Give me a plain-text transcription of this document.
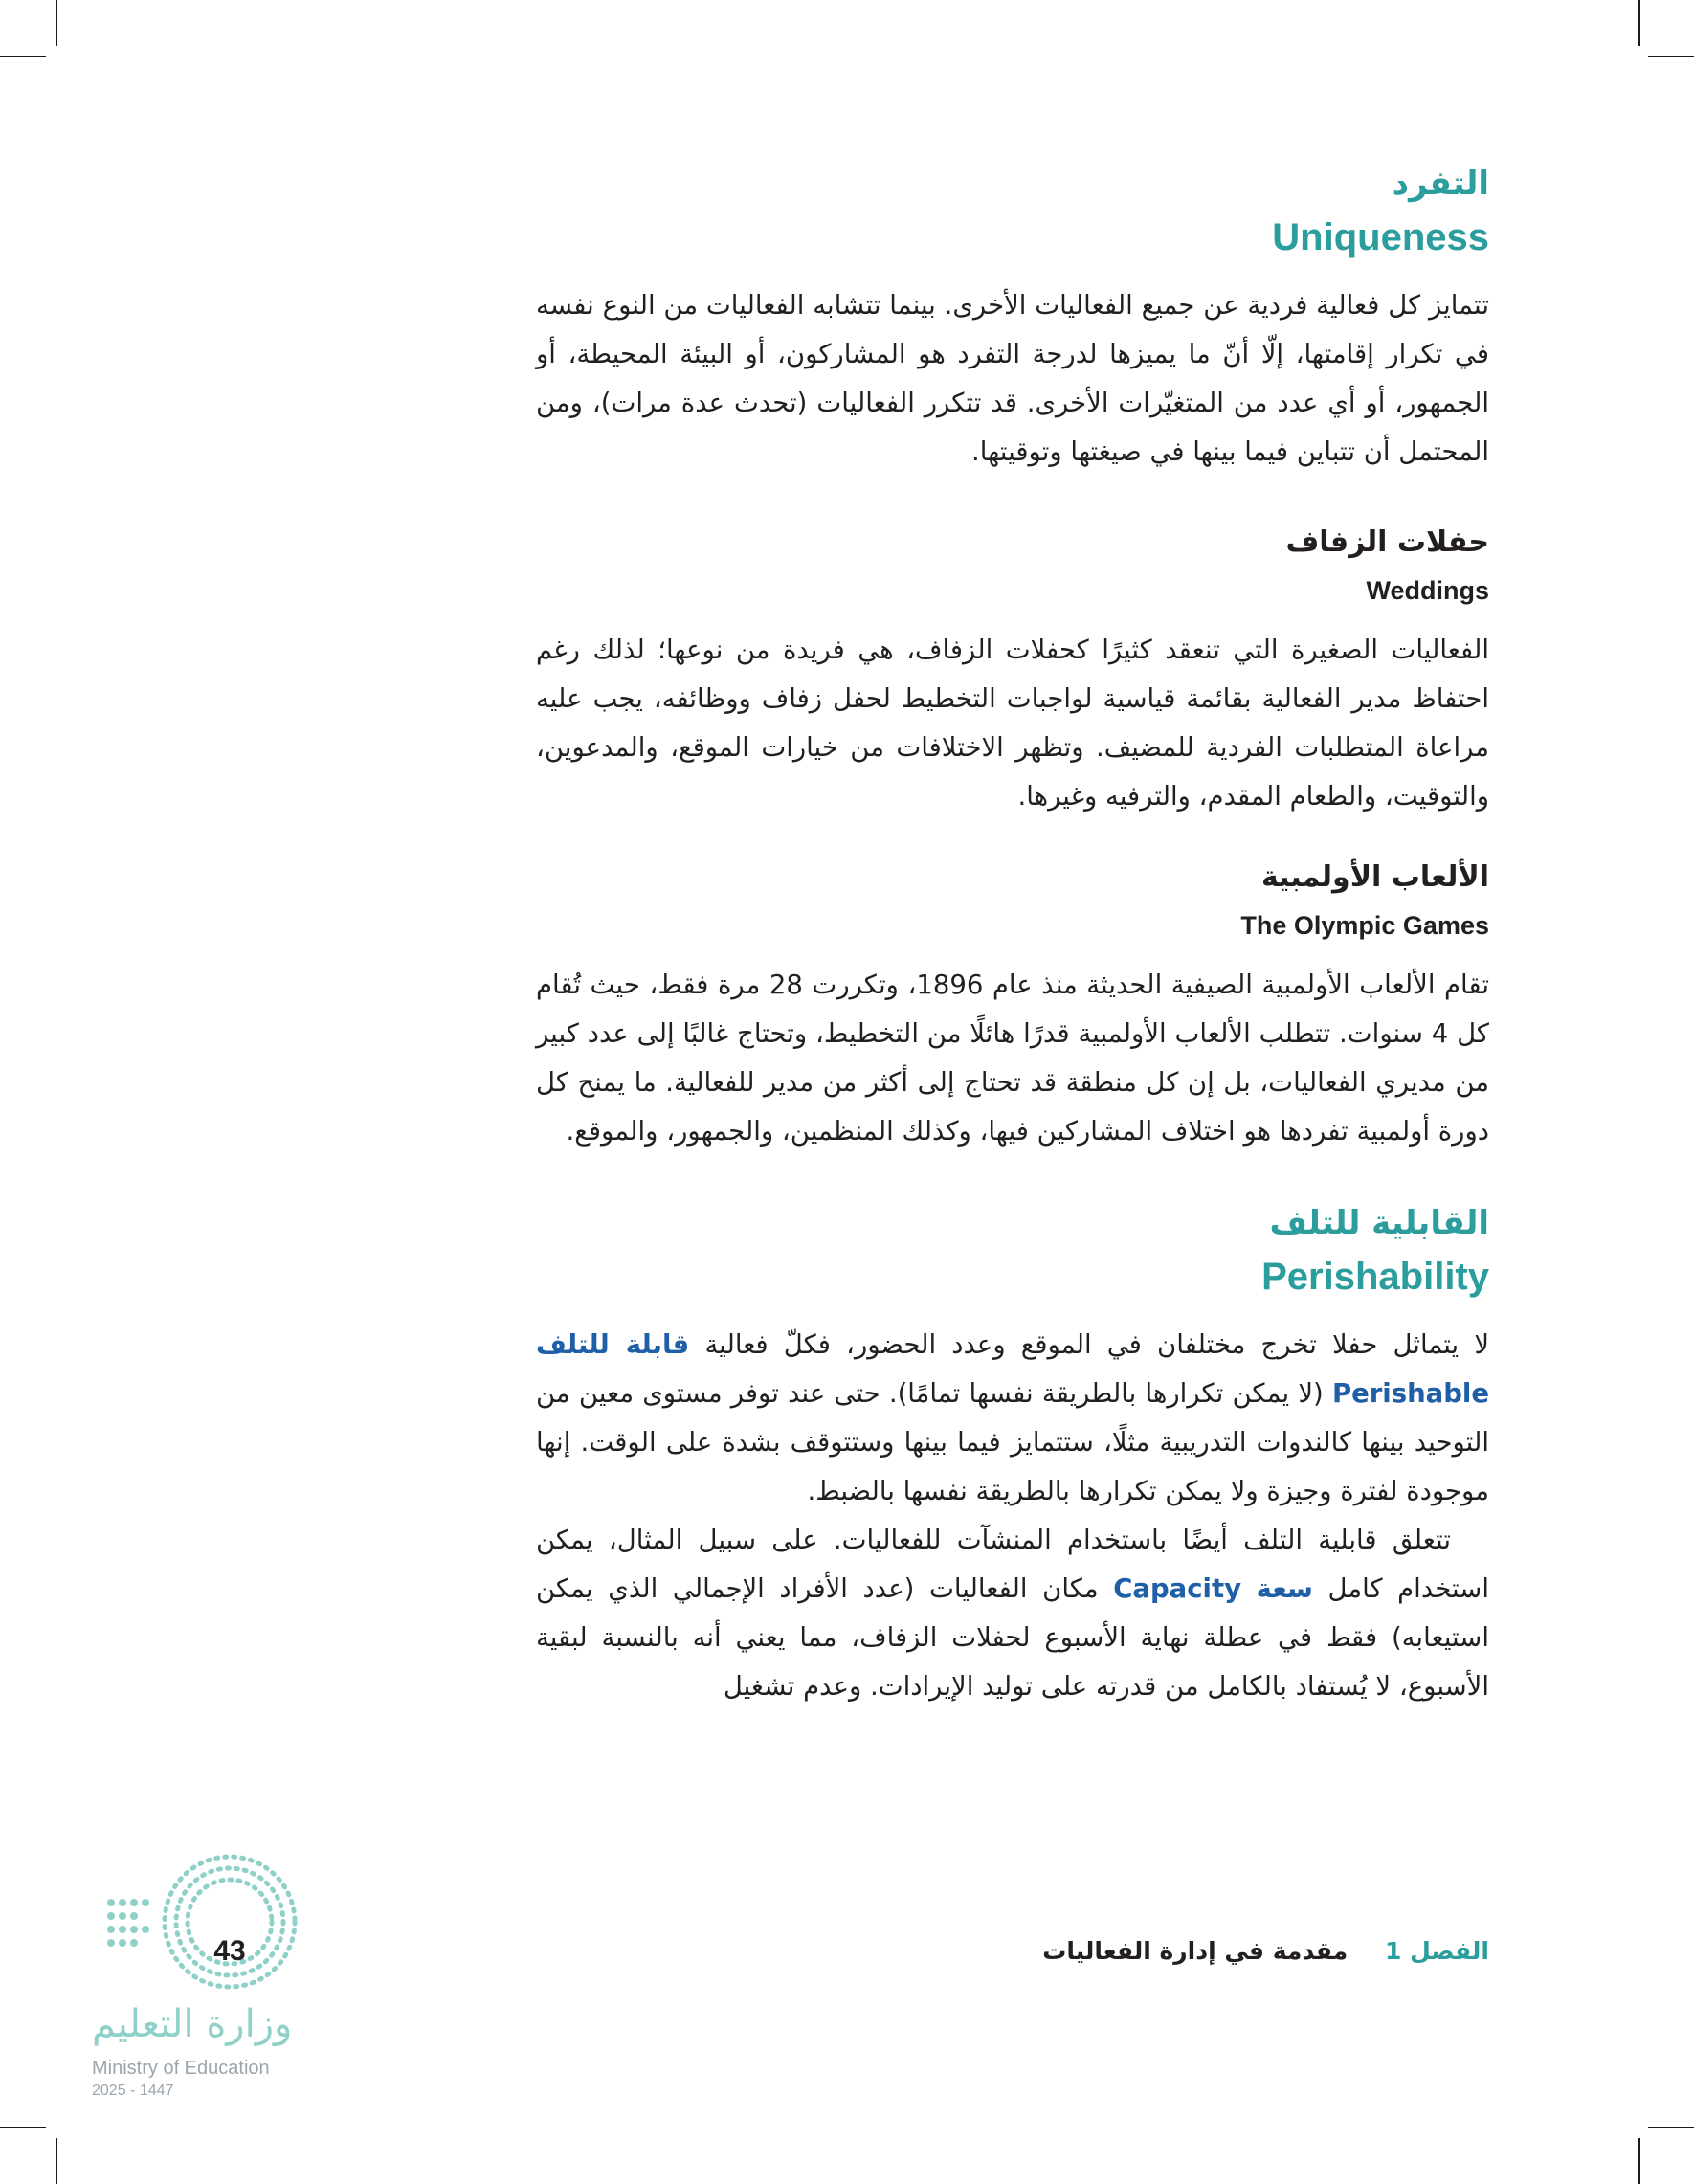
التفرد
Uniqueness

تتمايز كل فعالية فردية عن جميع الفعاليات الأخرى. بينما تتشابه الفعاليات من النوع نفسه في تكرار إقامتها، إلّا أنّ ما يميزها لدرجة التفرد هو المشاركون، أو البيئة المحيطة، أو الجمهور، أو أي عدد من المتغيّرات الأخرى. قد تتكرر الفعاليات (تحدث عدة مرات)، ومن المحتمل أن تتباين فيما بينها في صيغتها وتوقيتها.

حفلات الزفاف
Weddings

الفعاليات الصغيرة التي تنعقد كثيرًا كحفلات الزفاف، هي فريدة من نوعها؛ لذلك رغم احتفاظ مدير الفعالية بقائمة قياسية لواجبات التخطيط لحفل زفاف ووظائفه، يجب عليه مراعاة المتطلبات الفردية للمضيف. وتظهر الاختلافات من خيارات الموقع، والمدعوين، والتوقيت، والطعام المقدم، والترفيه وغيرها.

الألعاب الأولمبية
The Olympic Games

تقام الألعاب الأولمبية الصيفية الحديثة منذ عام 1896، وتكررت 28 مرة فقط، حيث تُقام كل 4 سنوات. تتطلب الألعاب الأولمبية قدرًا هائلًا من التخطيط، وتحتاج غالبًا إلى عدد كبير من مديري الفعاليات، بل إن كل منطقة قد تحتاج إلى أكثر من مدير للفعالية. ما يمنح كل دورة أولمبية تفردها هو اختلاف المشاركين فيها، وكذلك المنظمين، والجمهور، والموقع.

القابلية للتلف
Perishability

لا يتماثل حفلا تخرج مختلفان في الموقع وعدد الحضور، فكلّ فعالية قابلة للتلف Perishable (لا يمكن تكرارها بالطريقة نفسها تمامًا). حتى عند توفر مستوى معين من التوحيد بينها كالندوات التدريبية مثلًا، ستتمايز فيما بينها وستتوقف بشدة على الوقت. إنها موجودة لفترة وجيزة ولا يمكن تكرارها بالطريقة نفسها بالضبط.

تتعلق قابلية التلف أيضًا باستخدام المنشآت للفعاليات. على سبيل المثال، يمكن استخدام كامل سعة Capacity مكان الفعاليات (عدد الأفراد الإجمالي الذي يمكن استيعابه) فقط في عطلة نهاية الأسبوع لحفلات الزفاف، مما يعني أنه بالنسبة لبقية الأسبوع، لا يُستفاد بالكامل من قدرته على توليد الإيرادات. وعدم تشغيل

الفصل 1 مقدمة في إدارة الفعاليات
43
وزارة التعليم
Ministry of Education
2025 - 1447
